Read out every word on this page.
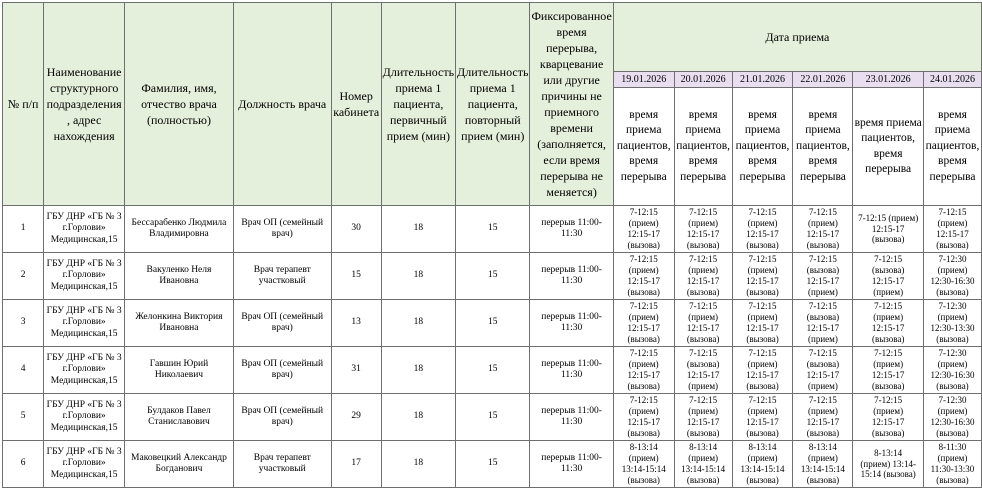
№ п/п	Наименование структурного подразделения , адрес нахождения	Фамилия, имя, отчество врача (полностью)	Должность врача	Номер кабинета	Длительность приема 1 пациента, первичный прием (мин)	Длительность приема 1 пациента, повторный прием (мин)	Фиксированное время перерыва, кварцевание или другие причины не приемного времени (заполняется, если время перерыва не меняется)	Дата приема					
								19.01.2026	20.01.2026	21.01.2026	22.01.2026	23.01.2026	24.01.2026
								время приема пациентов, время перерыва	время приема пациентов, время перерыва	время приема пациентов, время перерыва	время приема пациентов, время перерыва	время приема пациентов, время перерыва	время приема пациентов, время перерыва
1	ГБУ ДНР «ГБ № 3 г.Горлови» Медицинская,15	Бессарабенко Людмила Владимировна	Врач ОП (семейный врач)	30	18	15	перерыв 11:00-11:30	7-12:15
(прием)
12:15-17
(вызова)	7-12:15
(прием)
12:15-17
(вызова)	7-12:15
(прием)
12:15-17
(вызова)	7-12:15
(прием)
12:15-17
(вызова)	7-12:15 (прием)
12:15-17
(вызова)	7-12:15
(прием)
12:15-17
(вызова)
2	ГБУ ДНР «ГБ № 3 г.Горлови» Медицинская,15	Вакуленко Неля Ивановна	Врач терапевт участковый	15	18	15	перерыв 11:00-11:30	7-12:15
(прием)
12:15-17
(вызова)	7-12:15
(прием)
12:15-17
(вызова)	7-12:15
(прием)
12:15-17
(вызова)	7-12:15
(вызова)
12:15-17
(прием)	7-12:15
(вызова)
12:15-17
(прием)	7-12:30
(прием)
12:30-16:30
(вызова)
3	ГБУ ДНР «ГБ № 3 г.Горлови» Медицинская,15	Желонкина Виктория Ивановна	Врач ОП (семейный врач)	13	18	15	перерыв 11:00-11:30	7-12:15
(прием)
12:15-17
(вызова)	7-12:15
(прием)
12:15-17
(вызова)	7-12:15
(прием)
12:15-17
(вызова)	7-12:15
(вызова)
12:15-17
(прием)	7-12:15
(прием)
12:15-17
(вызова)	7-12:30
(прием)
12:30-13:30
(вызова)
4	ГБУ ДНР «ГБ № 3 г.Горлови» Медицинская,15	Гавшин Юрий Николаевич	Врач ОП (семейный врач)	31	18	15	перерыв 11:00-11:30	7-12:15
(прием)
12:15-17
(вызова)	7-12:15
(вызова)
12:15-17
(прием)	7-12:15
(прием)
12:15-17
(вызова)	7-12:15
(вызова)
12:15-17
(прием)	7-12:15
(прием)
12:15-17
(вызова)	7-12:30
(прием)
12:30-16:30
(вызова)
5	ГБУ ДНР «ГБ № 3 г.Горлови» Медицинская,15	Булдаков Павел Станиславович	Врач ОП (семейный врач)	29	18	15	перерыв 11:00-11:30	7-12:15
(прием)
12:15-17
(вызова)	7-12:15
(прием)
12:15-17
(вызова)	7-12:15
(прием)
12:15-17
(вызова)	7-12:15
(прием)
12:15-17
(вызова)	7-12:15
(прием)
12:15-17
(вызова)	7-12:30
(прием)
12:30-16:30
(вызова)
6	ГБУ ДНР «ГБ № 3 г.Горлови» Медицинская,15	Маковецкий Александр Богданович	Врач терапевт участковый	17	18	15	перерыв 11:00-11:30	8-13:14
(прием)
13:14-15:14
(вызова)	8-13:14
(прием)
13:14-15:14
(вызова)	8-13:14
(прием)
13:14-15:14
(вызова)	8-13:14
(прием)
13:14-15:14
(вызова)	8-13:14
(прием) 13:14-
15:14 (вызова)	8-11:30
(прием)
11:30-13:30
(вызова)
